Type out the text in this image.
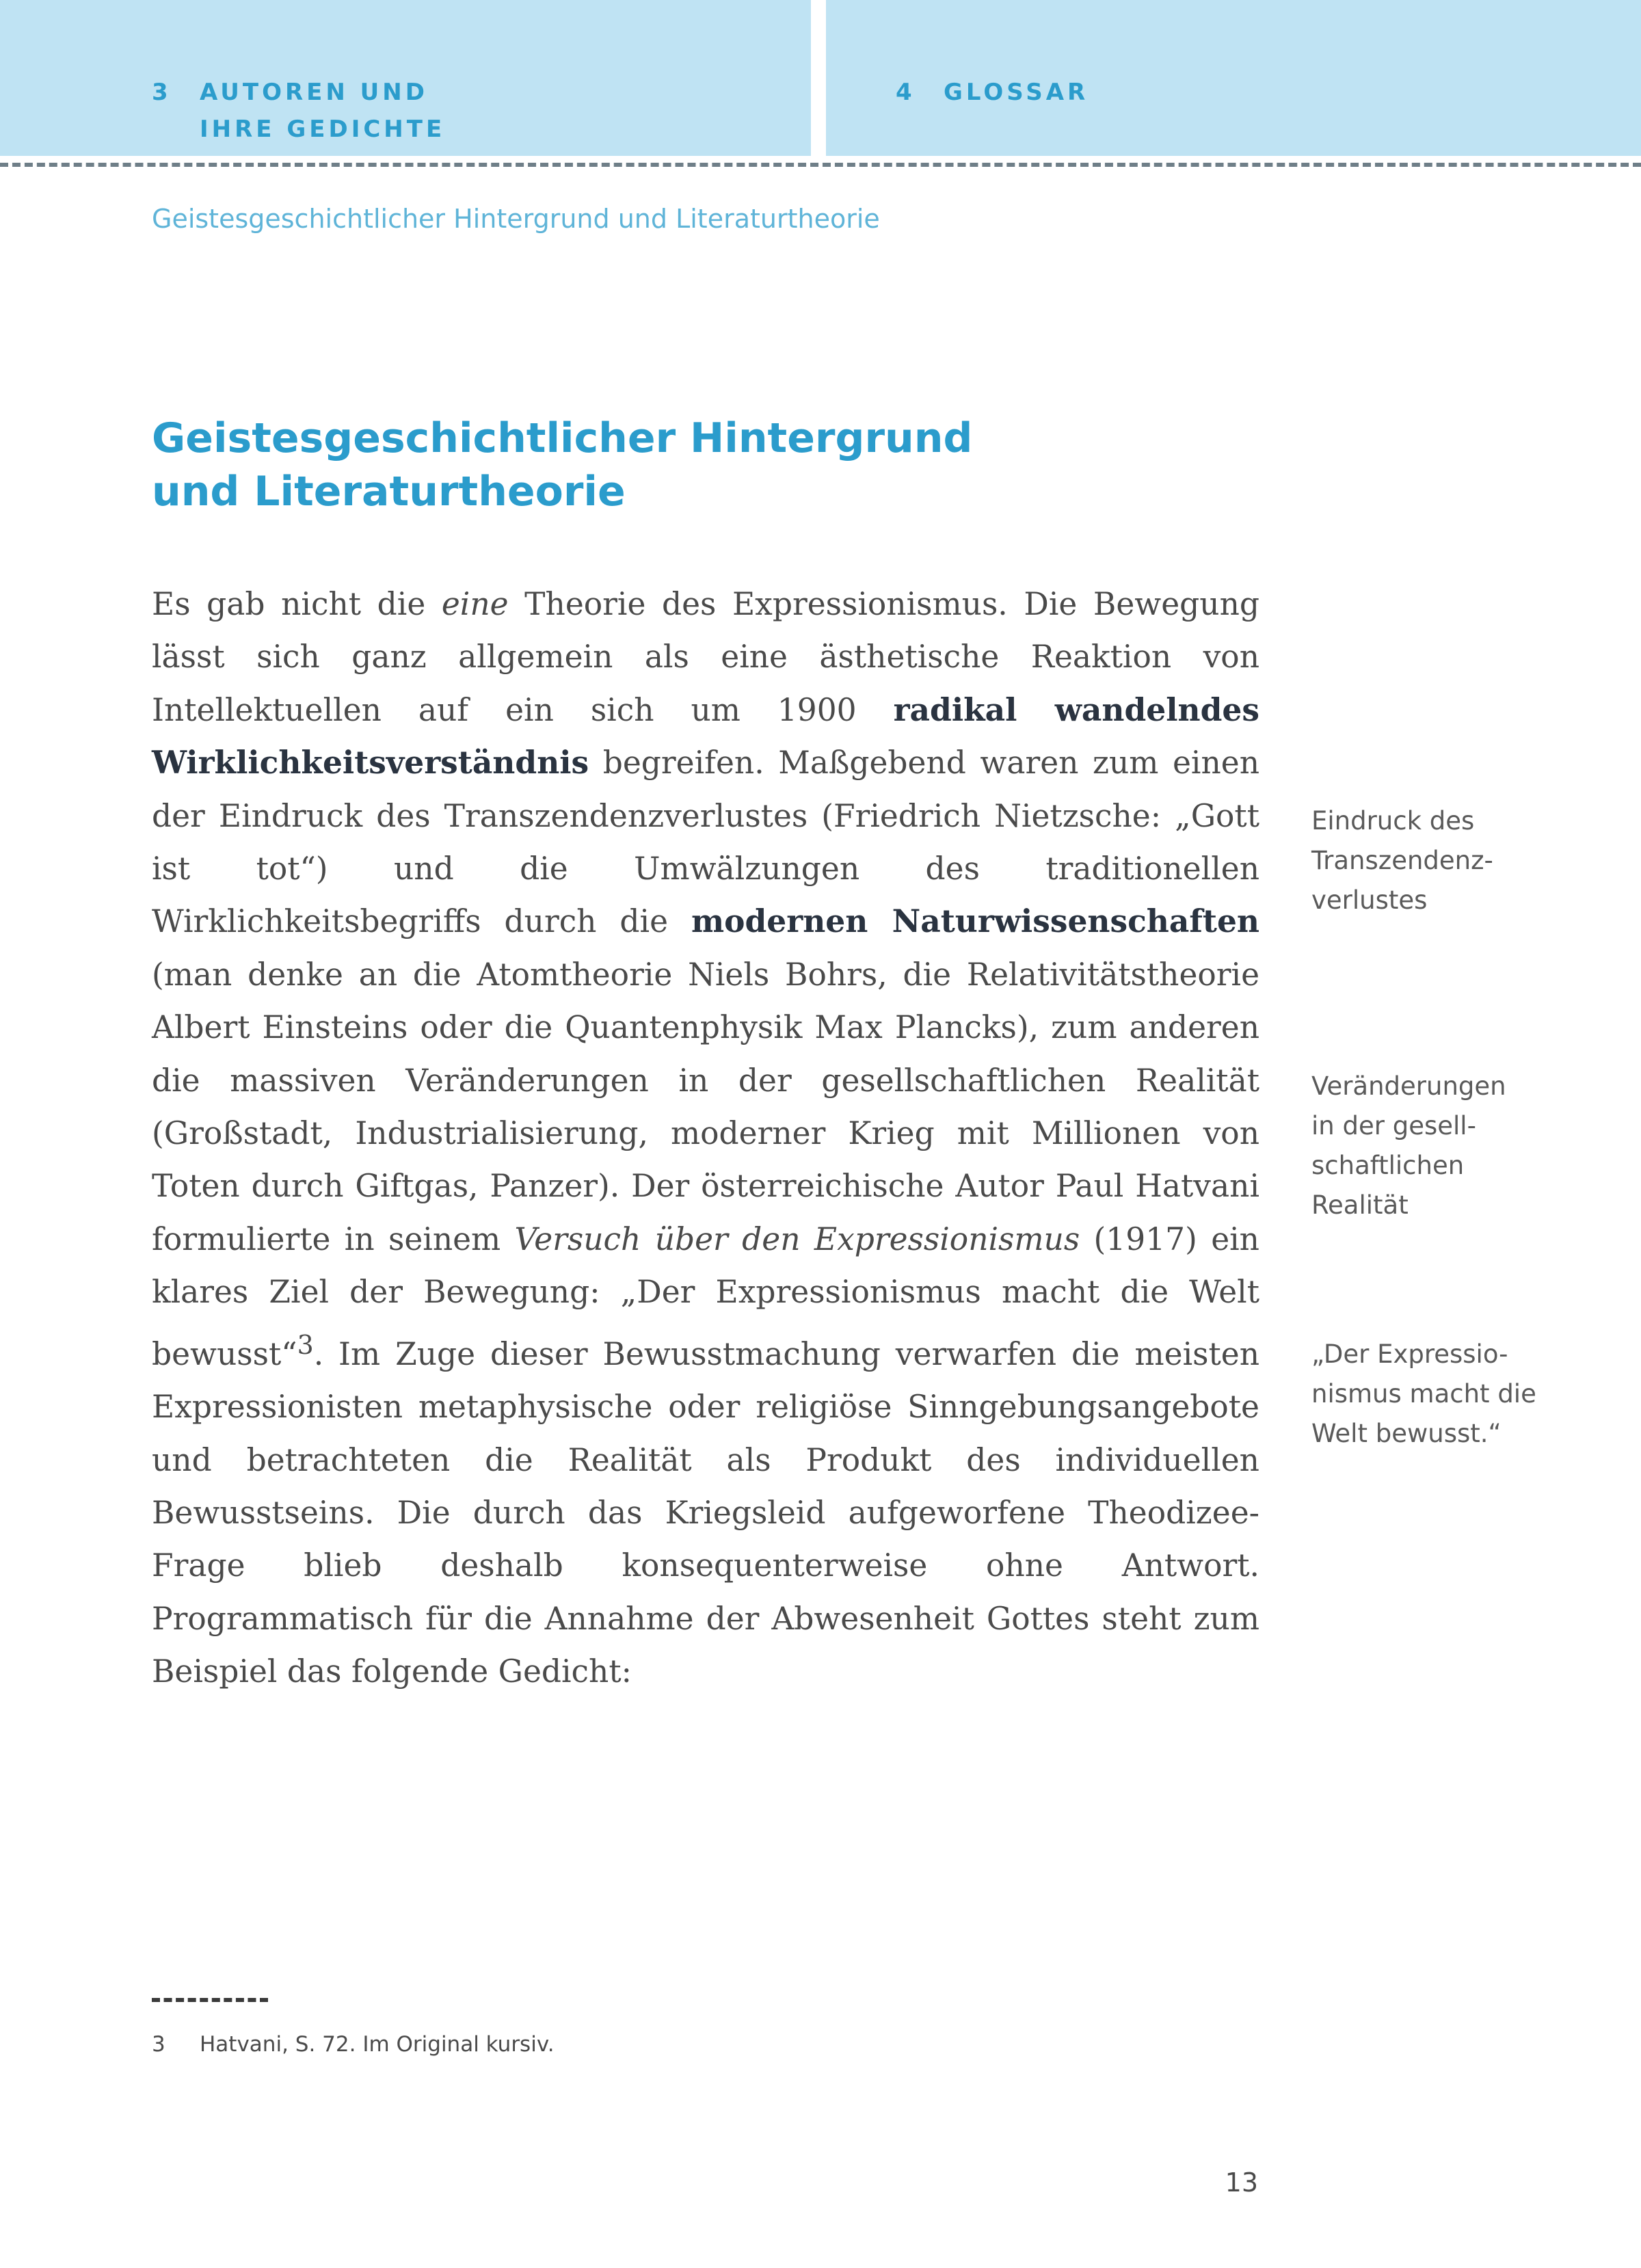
3 AUTOREN UND
IHRE GEDICHTE
4 GLOSSAR
Geistesgeschichtlicher Hintergrund und Literaturtheorie
Geistesgeschichtlicher Hintergrund
und Literaturtheorie

Es gab nicht die eine Theorie des Expressionismus. Die Bewegung lässt sich ganz allgemein als eine ästhetische Reaktion von Intellektuellen auf ein sich um 1900 radikal wandelndes Wirklichkeitsverständnis begreifen. Maßgebend waren zum einen der Eindruck des Transzendenzverlustes (Friedrich Nietzsche: „Gott ist tot“) und die Umwälzungen des traditionellen Wirklichkeitsbegriffs durch die modernen Naturwissenschaften (man denke an die Atomtheorie Niels Bohrs, die Relativitätstheorie Albert Einsteins oder die Quantenphysik Max Plancks), zum anderen die massiven Veränderungen in der gesellschaftlichen Realität (Großstadt, Industrialisierung, moderner Krieg mit Millionen von Toten durch Giftgas, Panzer). Der österreichische Autor Paul Hatvani formulierte in seinem Versuch über den Expressionismus (1917) ein klares Ziel der Bewegung: „Der Expressionismus macht die Welt bewusst“$^3$. Im Zuge dieser Bewusstmachung verwarfen die meisten Expressionisten metaphysische oder religiöse Sinngebungsangebote und betrachteten die Realität als Produkt des individuellen Bewusstseins. Die durch das Kriegsleid aufgeworfene Theodizee-Frage blieb deshalb konsequenterweise ohne Antwort. Programmatisch für die Annahme der Abwesenheit Gottes steht zum Beispiel das folgende Gedicht:

Eindruck des
Transzendenz-
verlustes
Veränderungen
in der gesell-
schaftlichen
Realität
„Der Expressio-
nismus macht die
Welt bewusst.“
3 Hatvani, S. 72. Im Original kursiv.
13
